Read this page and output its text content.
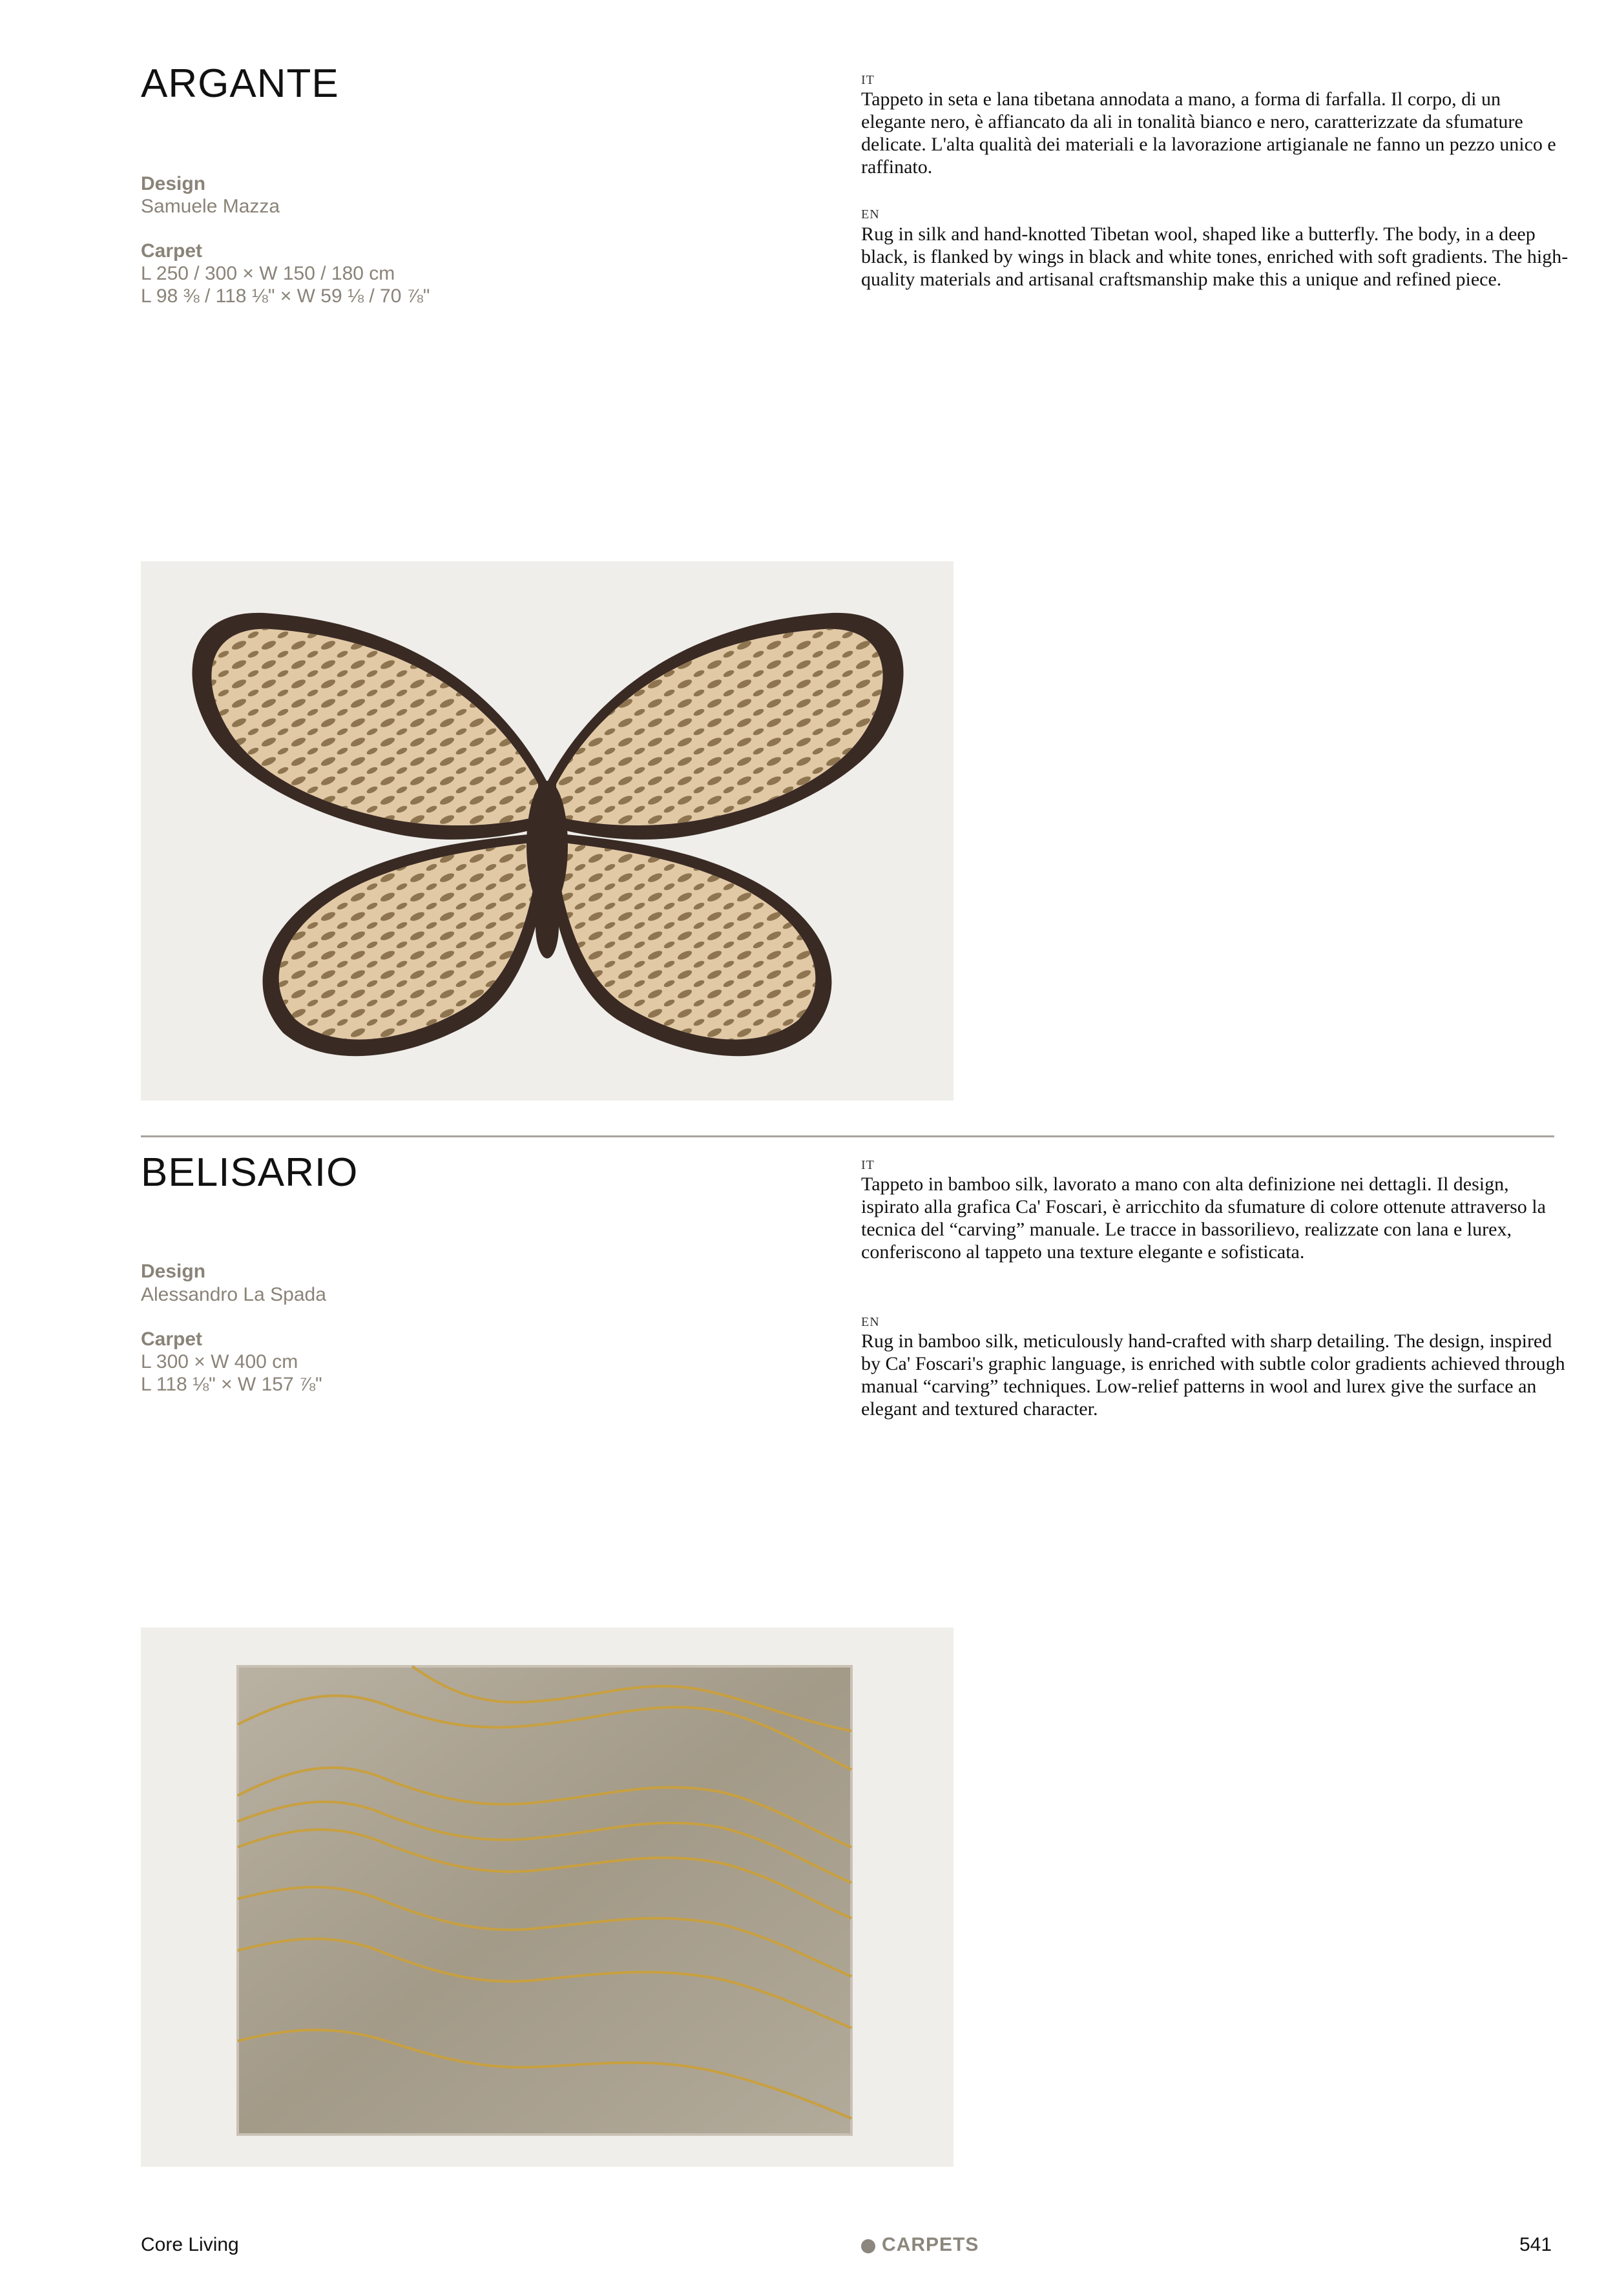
ARGANTE
Design
Samuele Mazza
Carpet
L 250 / 300 × W 150 / 180 cm
L 98 ⅜ / 118 ⅛" × W 59 ⅛ / 70 ⅞"
IT
Tappeto in seta e lana tibetana annodata a mano, a forma di farfalla. Il corpo, di un elegante nero, è affiancato da ali in tonalità bianco e nero, caratterizzate da sfumature delicate. L'alta qualità dei materiali e la lavorazione artigianale ne fanno un pezzo unico e raffinato.
EN
Rug in silk and hand-knotted Tibetan wool, shaped like a butterfly. The body, in a deep black, is flanked by wings in black and white tones, enriched with soft gradients. The high-quality materials and artisanal craftsmanship make this a unique and refined piece.
BELISARIO
Design
Alessandro La Spada
Carpet
L 300 × W 400 cm
L 118 ⅛" × W 157 ⅞"
IT
Tappeto in bamboo silk, lavorato a mano con alta definizione nei dettagli. Il design, ispirato alla grafica Ca' Foscari, è arricchito da sfumature di colore ottenute attraverso la tecnica del “carving” manuale. Le tracce in bassorilievo, realizzate con lana e lurex, conferiscono al tappeto una texture elegante e sofisticata.
EN
Rug in bamboo silk, meticulously hand-crafted with sharp detailing. The design, inspired by Ca' Foscari's graphic language, is enriched with subtle color gradients achieved through manual “carving” techniques. Low-relief patterns in wool and lurex give the surface an elegant and textured character.
Core Living	CARPETS	541
